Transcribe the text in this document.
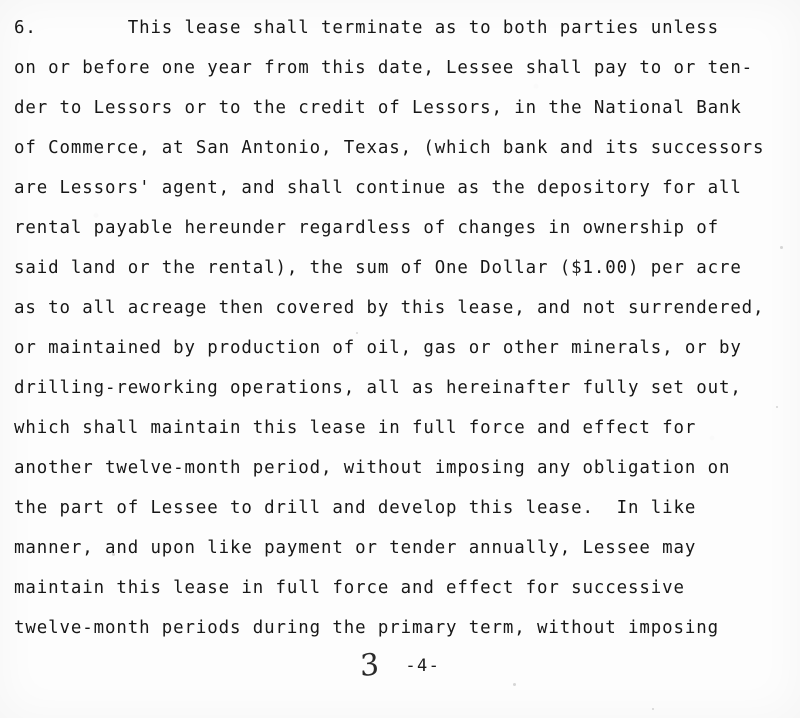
6.        This lease shall terminate as to both parties unless
on or before one year from this date, Lessee shall pay to or ten-
der to Lessors or to the credit of Lessors, in the National Bank
of Commerce, at San Antonio, Texas, (which bank and its successors
are Lessors' agent, and shall continue as the depository for all
rental payable hereunder regardless of changes in ownership of
said land or the rental), the sum of One Dollar ($1.00) per acre
as to all acreage then covered by this lease, and not surrendered,
or maintained by production of oil, gas or other minerals, or by
drilling-reworking operations, all as hereinafter fully set out,
which shall maintain this lease in full force and effect for
another twelve-month period, without imposing any obligation on
the part of Lessee to drill and develop this lease.  In like
manner, and upon like payment or tender annually, Lessee may
maintain this lease in full force and effect for successive
twelve-month periods during the primary term, without imposing
3 -4-
